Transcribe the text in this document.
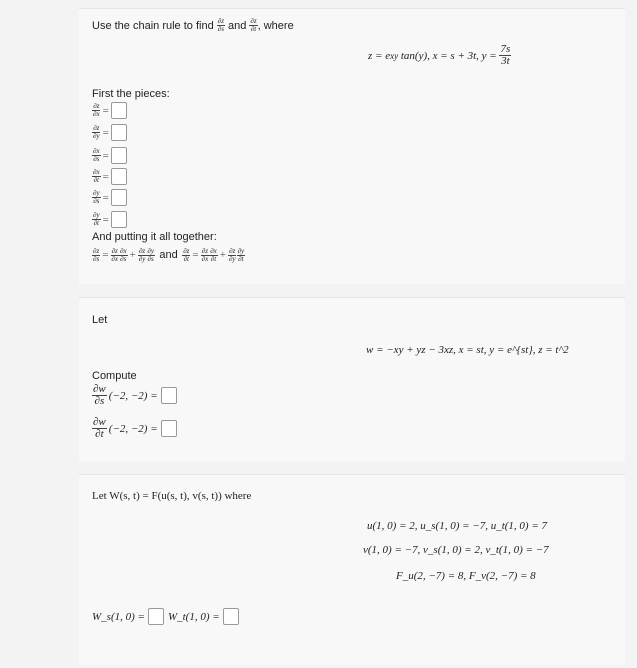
Use the chain rule to find
$\frac{\partial z}{\partial s}$
and
$\frac{\partial z}{\partial t}$ , where
z = e xy
tan(y), x = s + 3t, y =
$\frac{7s}{3t}$
First the pieces:
$\frac{\partial z}{\partial x}$ =
$\frac{\partial z}{\partial y}$ =
$\frac{\partial x}{\partial s}$ =
$\frac{\partial x}{\partial t}$ =
$\frac{\partial y}{\partial s}$ =
$\frac{\partial y}{\partial t}$ =
And putting it all together:
$\frac{\partial z}{\partial s} = \frac{\partial z}{\partial x} \frac{\partial x}{\partial s} + \frac{\partial z}{\partial y} \frac{\partial y}{\partial s}$
and
$\frac{\partial z}{\partial t} = \frac{\partial z}{\partial x} \frac{\partial x}{\partial t} + \frac{\partial z}{\partial y} \frac{\partial y}{\partial t}$
Let
w = −xy + yz − 3xz, x = st, y = e^{st}, z = t^2
Compute
$\frac{\partial w}{\partial s} (-2$, −2) =
$\frac{\partial w}{\partial t} (-2$, −2) =
Let W(s, t) = F(u(s, t), v(s, t)) where
u(1, 0) = 2, u_s(1, 0) = −7, u_t(1, 0) = 7
v(1, 0) = −7, v_s(1, 0) = 2, v_t(1, 0) = −7
F_u(2, −7) = 8, F_v(2, −7) = 8
W_s(1, 0) = W_t(1, 0) =
